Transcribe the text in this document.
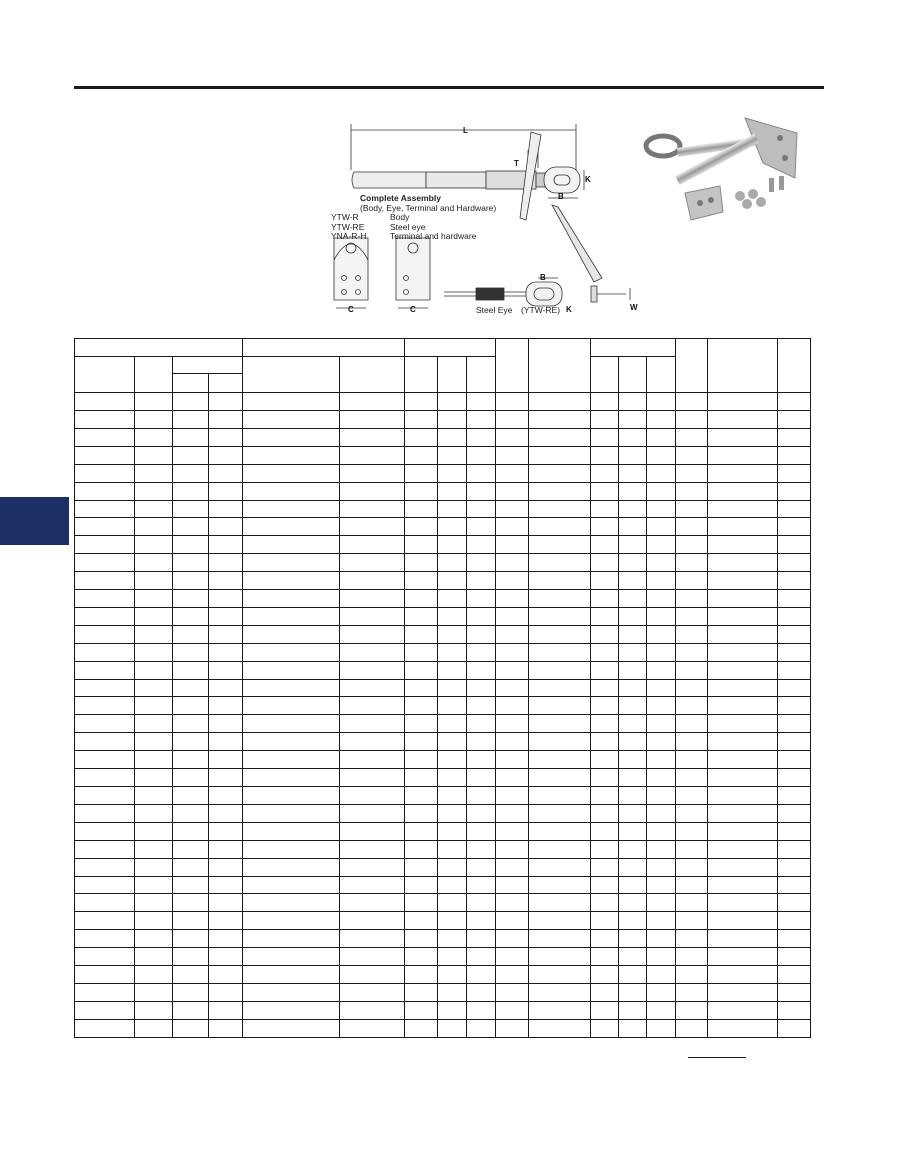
L
T
K
B
C	C	W
B
K
Complete Assembly
(Body, Eye, Terminal and Hardware)
YTW-R
YTW-RE
YNA-R-H
Body
Steel eye
Terminal and hardware
Steel Eye (YTW-RE)
